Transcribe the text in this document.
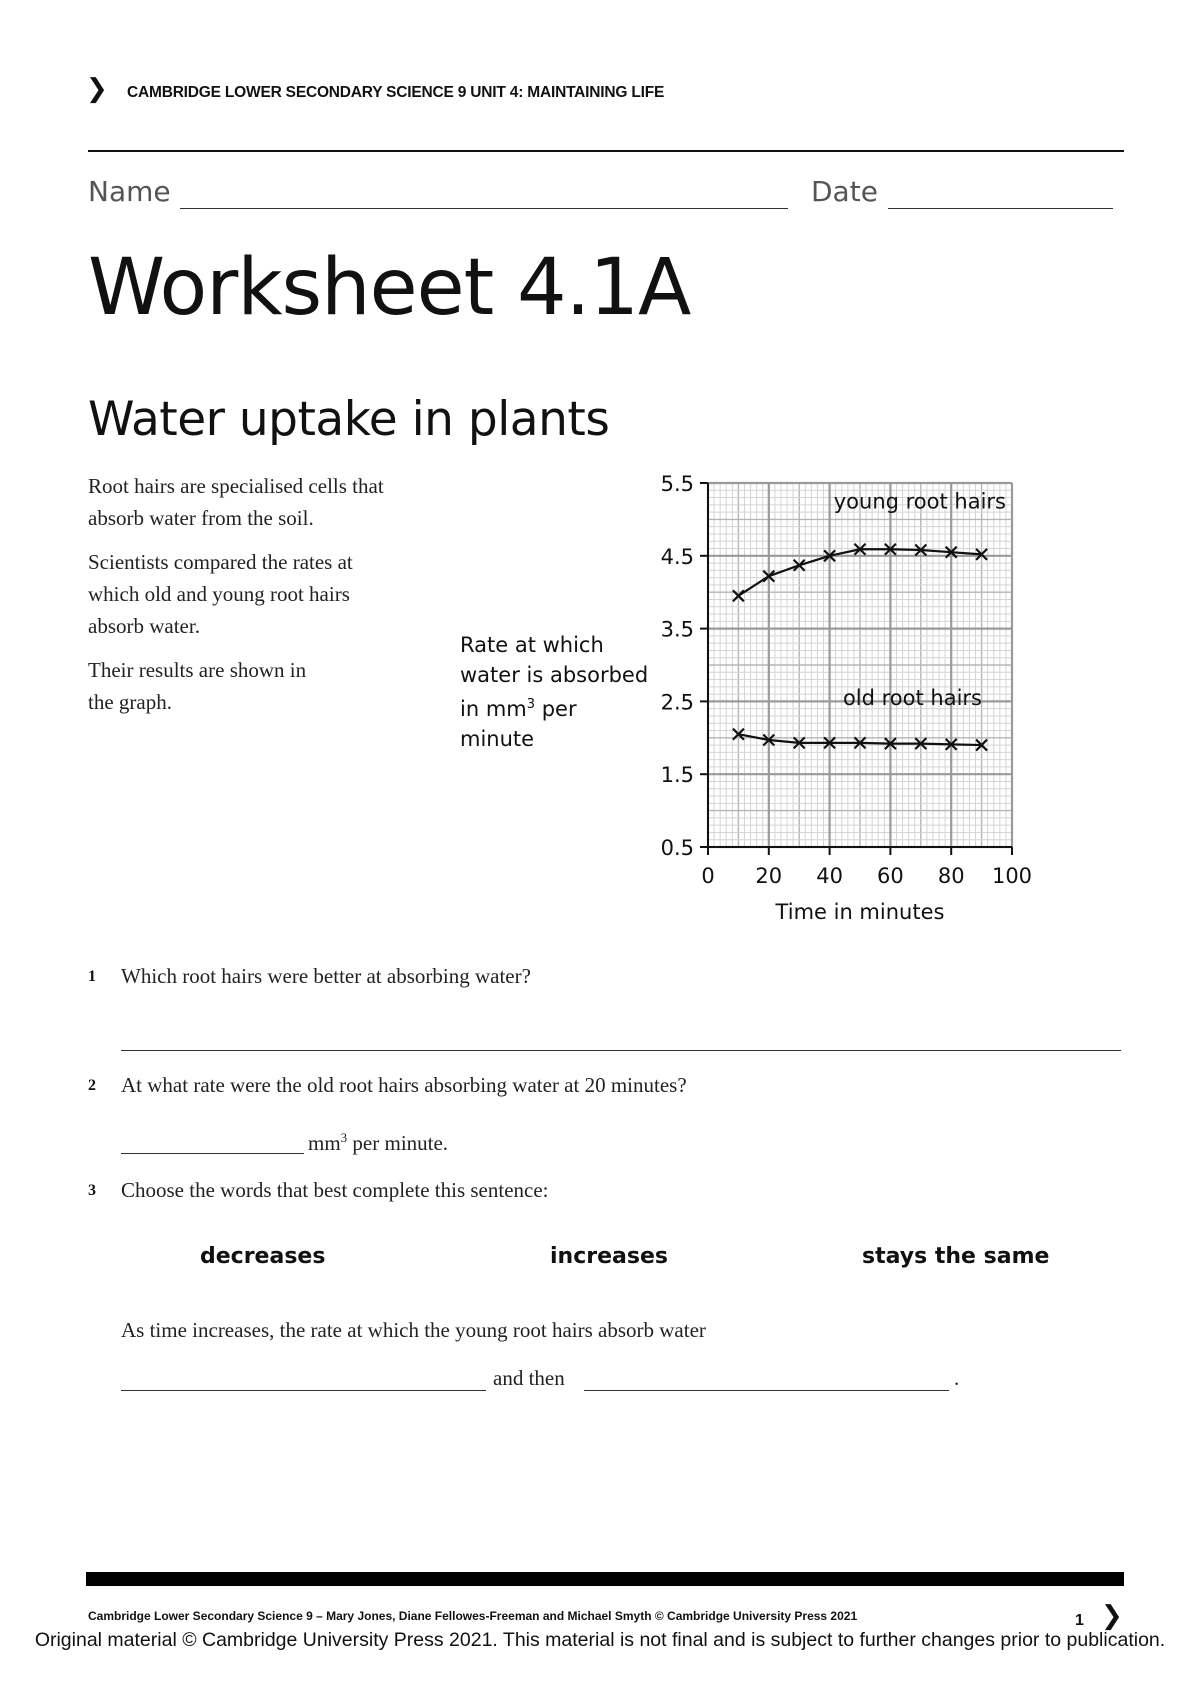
❯ CAMBRIDGE LOWER SECONDARY SCIENCE 9 UNIT 4: MAINTAINING LIFE
Name	Date
Worksheet 4.1A
Water uptake in plants

Root hairs are specialised cells that
absorb water from the soil.

Scientists compared the rates at
which old and young root hairs
absorb water.

Their results are shown in
the graph.

Rate at which
water is absorbed
in $mm^3$ per
minute
0.5
1.5
2.5
3.5
4.5
5.5
0 20 40 60 80 100
young root hairs
old root hairs
Time in minutes
1 Which root hairs were better at absorbing water?
2 At what rate were the old root hairs absorbing water at 20 minutes?
$mm^3$ per minute.
3 Choose the words that best complete this sentence:
decreases	increases	stays the same
As time increases, the rate at which the young root hairs absorb water
and then	.
Cambridge Lower Secondary Science 9 – Mary Jones, Diane Fellowes-Freeman and Michael Smyth © Cambridge University Press 2021	1 ❯
Original material © Cambridge University Press 2021. This material is not final and is subject to further changes prior to publication.
